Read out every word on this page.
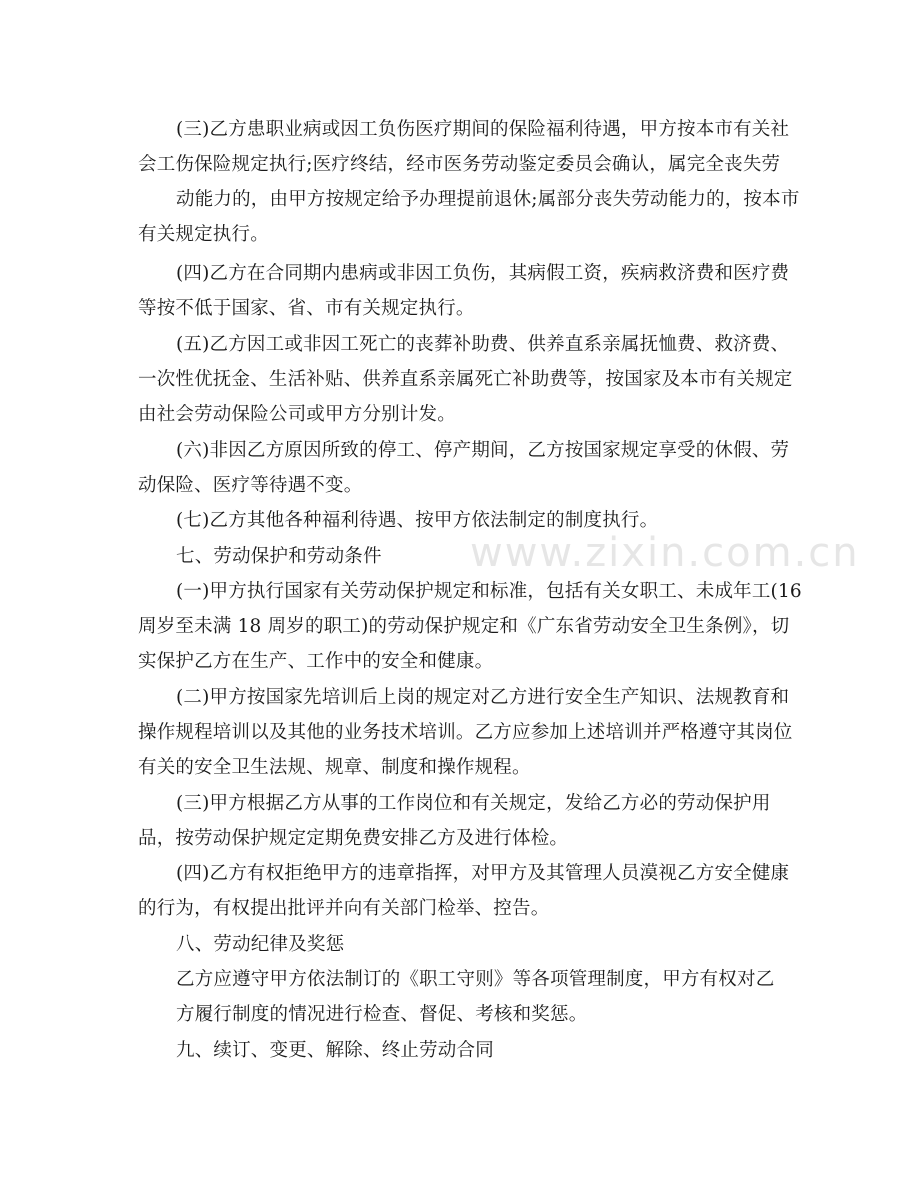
www.zixin.com.cn
(三)乙方患职业病或因工负伤医疗期间的保险福利待遇，甲方按本市有关社
会工伤保险规定执行;医疗终结，经市医务劳动鉴定委员会确认，属完全丧失劳
动能力的，由甲方按规定给予办理提前退休;属部分丧失劳动能力的，按本市
有关规定执行。
(四)乙方在合同期内患病或非因工负伤，其病假工资，疾病救济费和医疗费
等按不低于国家、省、市有关规定执行。
(五)乙方因工或非因工死亡的丧葬补助费、供养直系亲属抚恤费、救济费、
一次性优抚金、生活补贴、供养直系亲属死亡补助费等，按国家及本市有关规定
由社会劳动保险公司或甲方分别计发。
(六)非因乙方原因所致的停工、停产期间，乙方按国家规定享受的休假、劳
动保险、医疗等待遇不变。
(七)乙方其他各种福利待遇、按甲方依法制定的制度执行。
七、劳动保护和劳动条件
(一)甲方执行国家有关劳动保护规定和标准，包括有关女职工、未成年工(16
周岁至未满 18 周岁的职工)的劳动保护规定和《广东省劳动安全卫生条例》，切
实保护乙方在生产、工作中的安全和健康。
(二)甲方按国家先培训后上岗的规定对乙方进行安全生产知识、法规教育和
操作规程培训以及其他的业务技术培训。乙方应参加上述培训并严格遵守其岗位
有关的安全卫生法规、规章、制度和操作规程。
(三)甲方根据乙方从事的工作岗位和有关规定，发给乙方必的劳动保护用
品，按劳动保护规定定期免费安排乙方及进行体检。
(四)乙方有权拒绝甲方的违章指挥，对甲方及其管理人员漠视乙方安全健康
的行为，有权提出批评并向有关部门检举、控告。
八、劳动纪律及奖惩
乙方应遵守甲方依法制订的《职工守则》等各项管理制度，甲方有权对乙
方履行制度的情况进行检查、督促、考核和奖惩。
九、续订、变更、解除、终止劳动合同
